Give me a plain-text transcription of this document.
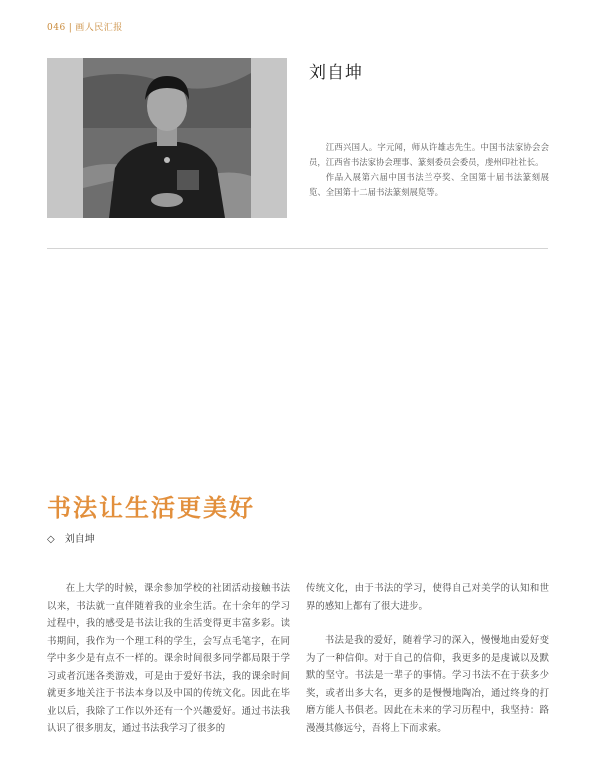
046 | 画人民汇报
刘自坤

江西兴国人。字元闻，师从许雄志先生。中国书法家协会会员，江西省书法家协会理事、篆刻委员会委员，虔州印社社长。

作品入展第六届中国书法兰亭奖、全国第十届书法篆刻展览、全国第十二届书法篆刻展览等。

书法让生活更美好
◇ 刘自坤

在上大学的时候，课余参加学校的社团活动接触书法以来，书法就一直伴随着我的业余生活。在十余年的学习过程中，我的感受是书法让我的生活变得更丰富多彩。读书期间，我作为一个理工科的学生，会写点毛笔字，在同学中多少是有点不一样的。课余时间很多同学都局限于学习或者沉迷各类游戏，可是由于爱好书法，我的课余时间就更多地关注于书法本身以及中国的传统文化。因此在毕业以后，我除了工作以外还有一个兴趣爱好。通过书法我认识了很多朋友，通过书法我学习了很多的

传统文化，由于书法的学习，使得自己对美学的认知和世界的感知上都有了很大进步。

书法是我的爱好，随着学习的深入，慢慢地由爱好变为了一种信仰。对于自己的信仰，我更多的是虔诚以及默默的坚守。书法是一辈子的事情。学习书法不在于获多少奖，或者出多大名，更多的是慢慢地陶冶，通过终身的打磨方能人书俱老。因此在未来的学习历程中，我坚持：路漫漫其修远兮，吾将上下而求索。
